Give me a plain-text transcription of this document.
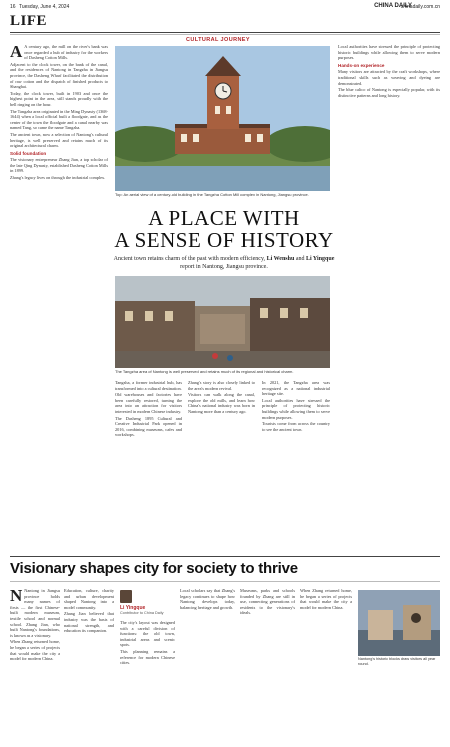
16 Tuesday, June 4, 2024	CHINA DAILY
chinadaily.com.cn
LIFE
CULTURAL JOURNEY

A A century ago, the mill on the river's bank was once regarded a hub of industry for the workers of Dasheng Cotton Mills.

Adjacent to the clock tower, on the bank of the canal, and the residences of Nantong in Tangzha in Jiangsu province, the Dasheng Wharf facilitated the distribution of raw cotton and the dispatch of finished products to Shanghai.

Today, the clock tower, built in 1903 and once the highest point in the area, still stands proudly with the bell ringing on the hour.

The Tangzha area originated in the Ming Dynasty (1368-1644) when a local official built a floodgate, and as the center of the town the floodgate and a canal nearby was named Tang, so came the name Tangzha.

The ancient town, now a selection of Nantong's cultural heritage, is well preserved and retains much of its original architectural charm.

Solid foundation

The visionary entrepreneur Zhang Jian, a top scholar of the late Qing Dynasty, established Dasheng Cotton Mills in 1899.

Zhang's legacy lives on through the industrial complex.

Top: An aerial view of a century-old building in the Tangzha Cotton Mill complex in Nantong, Jiangsu province.
A PLACE WITH
A SENSE OF HISTORY
Ancient town retains charm of the past with modern efficiency, Li Wenshu and Li Yingque report in Nantong, Jiangsu province.
The Tangzha area of Nantong is well preserved and retains much of its regional and historical charm.

Tangzha, a former industrial hub, has transformed into a cultural destination.

Old warehouses and factories have been carefully restored, turning the area into an attraction for visitors interested in modern Chinese industry.

The Dasheng 1895 Cultural and Creative Industrial Park opened in 2016, combining museums, cafes and workshops.

Zhang's story is also closely linked to the area's modern revival.

Visitors can walk along the canal, explore the old mills, and learn how China's national industry was born in Nantong more than a century ago.

In 2021, the Tangzha area was recognized as a national industrial heritage site.

Local authorities have stressed the principle of protecting historic buildings while allowing them to serve modern purposes.

Tourists come from across the country to see the ancient town.

Local authorities have stressed the principle of protecting historic buildings while allowing them to serve modern purposes.

Hands-on experience

Many visitors are attracted by the craft workshops, where traditional skills such as weaving and dyeing are demonstrated.

The blue calico of Nantong is especially popular, with its distinctive patterns and long history.

Visionary shapes city for society to thrive

N Nantong in Jiangsu province holds many names of firsts — the first Chinese-built modern museum, textile school and normal school. Zhang Jian, who built Nantong's foundations, is known as a visionary.

When Zhang returned home, he began a series of projects that would make the city a model for modern China.

Education, culture, charity and urban development shaped Nantong into a model community.

Zhang Jian believed that industry was the basis of national strength, and education its companion.

Li Yingque
Contributor to China Daily

The city's layout was designed with a careful division of functions: the old town, industrial areas and scenic spots.

This planning remains a reference for modern Chinese cities.

Local scholars say that Zhang's legacy continues to shape how Nantong develops today, balancing heritage and growth.

Museums, parks and schools founded by Zhang are still in use, connecting generations of residents to the visionary's ideals.

When Zhang returned home, he began a series of projects that would make the city a model for modern China.

Nantong's historic blocks draw visitors all year round.
